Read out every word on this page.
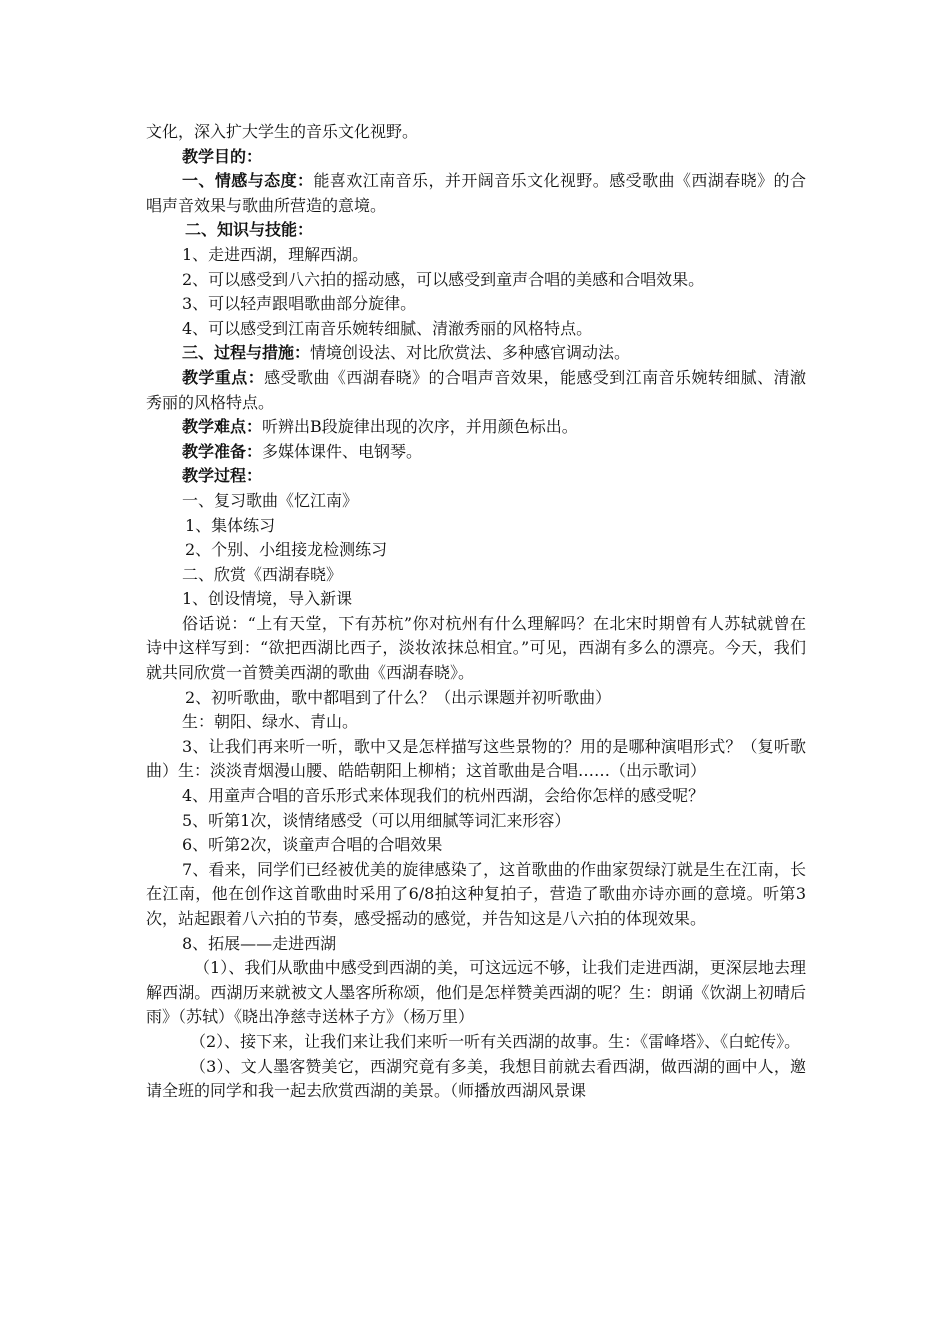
文化，深入扩大学生的音乐文化视野。

教学目的：

一、情感与态度：能喜欢江南音乐，并开阔音乐文化视野。感受歌曲《西湖春晓》的合唱声音效果与歌曲所营造的意境。

二、知识与技能：

1、走进西湖，理解西湖。

2、可以感受到八六拍的摇动感，可以感受到童声合唱的美感和合唱效果。

3、可以轻声跟唱歌曲部分旋律。

4、可以感受到江南音乐婉转细腻、清澈秀丽的风格特点。

三、过程与措施：情境创设法、对比欣赏法、多种感官调动法。

教学重点：感受歌曲《西湖春晓》的合唱声音效果，能感受到江南音乐婉转细腻、清澈秀丽的风格特点。

教学难点：听辨出B段旋律出现的次序，并用颜色标出。

教学准备：多媒体课件、电钢琴。

教学过程：

一、复习歌曲《忆江南》

1、集体练习

2、个别、小组接龙检测练习

二、欣赏《西湖春晓》

1、创设情境，导入新课

俗话说：“上有天堂，下有苏杭”你对杭州有什么理解吗？在北宋时期曾有人苏轼就曾在诗中这样写到：“欲把西湖比西子，淡妆浓抹总相宜。”可见，西湖有多么的漂亮。今天，我们就共同欣赏一首赞美西湖的歌曲《西湖春晓》。

2、初听歌曲，歌中都唱到了什么？（出示课题并初听歌曲）

生：朝阳、绿水、青山。

3、让我们再来听一听，歌中又是怎样描写这些景物的？用的是哪种演唱形式？（复听歌曲）生：淡淡青烟漫山腰、皓皓朝阳上柳梢；这首歌曲是合唱……（出示歌词）

4、用童声合唱的音乐形式来体现我们的杭州西湖，会给你怎样的感受呢？

5、听第1次，谈情绪感受（可以用细腻等词汇来形容）

6、听第2次，谈童声合唱的合唱效果

7、看来，同学们已经被优美的旋律感染了，这首歌曲的作曲家贺绿汀就是生在江南，长在江南，他在创作这首歌曲时采用了6/8拍这种复拍子，营造了歌曲亦诗亦画的意境。听第3次，站起跟着八六拍的节奏，感受摇动的感觉，并告知这是八六拍的体现效果。

8、拓展——走进西湖

（1）、我们从歌曲中感受到西湖的美，可这远远不够，让我们走进西湖，更深层地去理解西湖。西湖历来就被文人墨客所称颂，他们是怎样赞美西湖的呢？生：朗诵《饮湖上初晴后雨》（苏轼）《晓出净慈寺送林子方》（杨万里）

（2）、接下来，让我们来让我们来听一听有关西湖的故事。生：《雷峰塔》、《白蛇传》。

（3）、文人墨客赞美它，西湖究竟有多美，我想目前就去看西湖，做西湖的画中人，邀请全班的同学和我一起去欣赏西湖的美景。（师播放西湖风景课
